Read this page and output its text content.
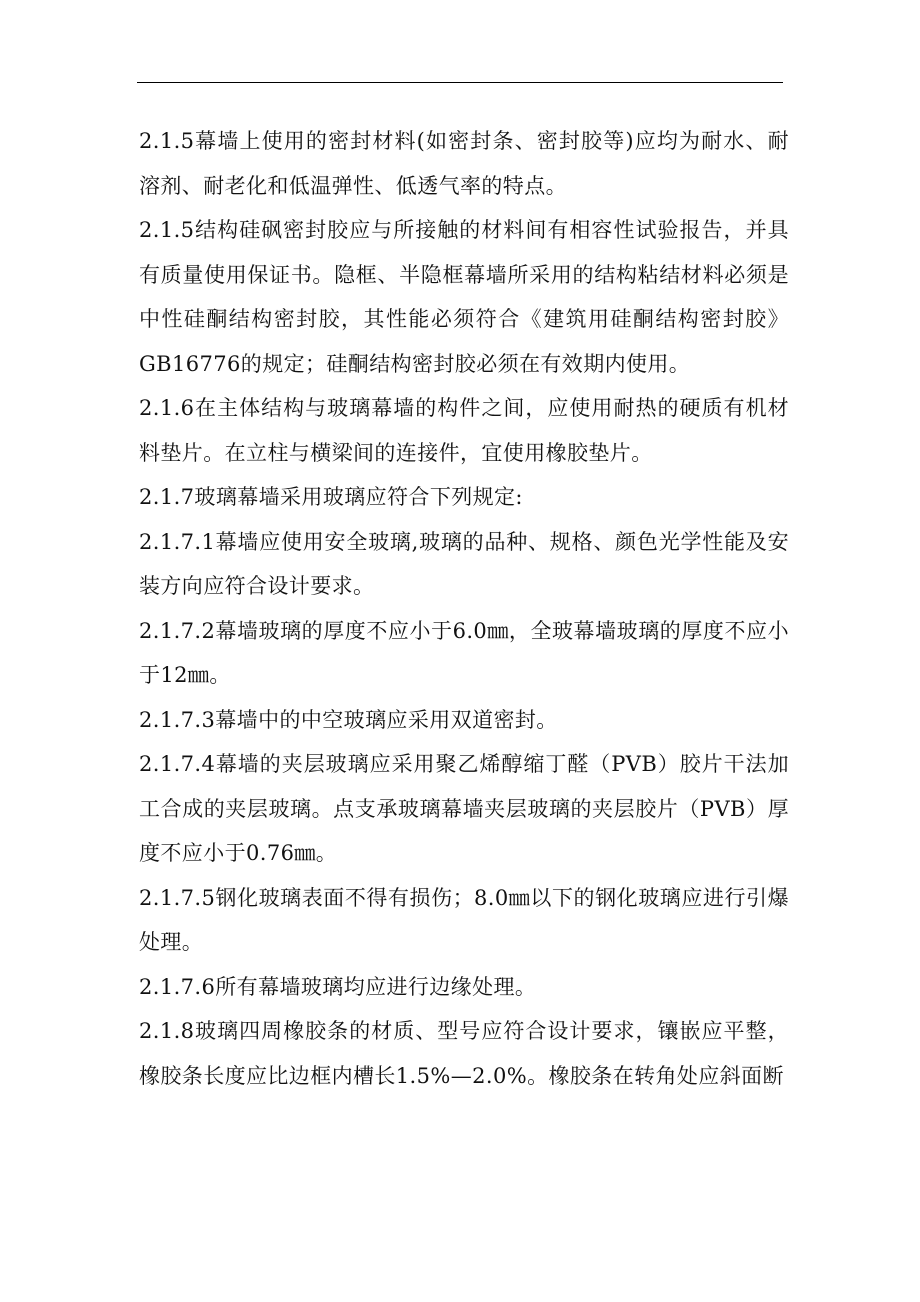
2.1.5幕墙上使用的密封材料(如密封条、密封胶等)应均为耐水、耐溶剂、耐老化和低温弹性、低透气率的特点。

2.1.5结构硅砜密封胶应与所接触的材料间有相容性试验报告，并具有质量使用保证书。隐框、半隐框幕墙所采用的结构粘结材料必须是中性硅酮结构密封胶，其性能必须符合《建筑用硅酮结构密封胶》GB16776的规定；硅酮结构密封胶必须在有效期内使用。

2.1.6在主体结构与玻璃幕墙的构件之间，应使用耐热的硬质有机材料垫片。在立柱与横梁间的连接件，宜使用橡胶垫片。

2.1.7玻璃幕墙采用玻璃应符合下列规定:

2.1.7.1幕墙应使用安全玻璃,玻璃的品种、规格、颜色光学性能及安装方向应符合设计要求。

2.1.7.2幕墙玻璃的厚度不应小于6.0㎜，全玻幕墙玻璃的厚度不应小于12㎜。

2.1.7.3幕墙中的中空玻璃应采用双道密封。

2.1.7.4幕墙的夹层玻璃应采用聚乙烯醇缩丁醛（PVB）胶片干法加工合成的夹层玻璃。点支承玻璃幕墙夹层玻璃的夹层胶片（PVB）厚度不应小于0.76㎜。

2.1.7.5钢化玻璃表面不得有损伤；8.0㎜以下的钢化玻璃应进行引爆处理。

2.1.7.6所有幕墙玻璃均应进行边缘处理。

2.1.8玻璃四周橡胶条的材质、型号应符合设计要求，镶嵌应平整，橡胶条长度应比边框内槽长1.5%—2.0%。橡胶条在转角处应斜面断
